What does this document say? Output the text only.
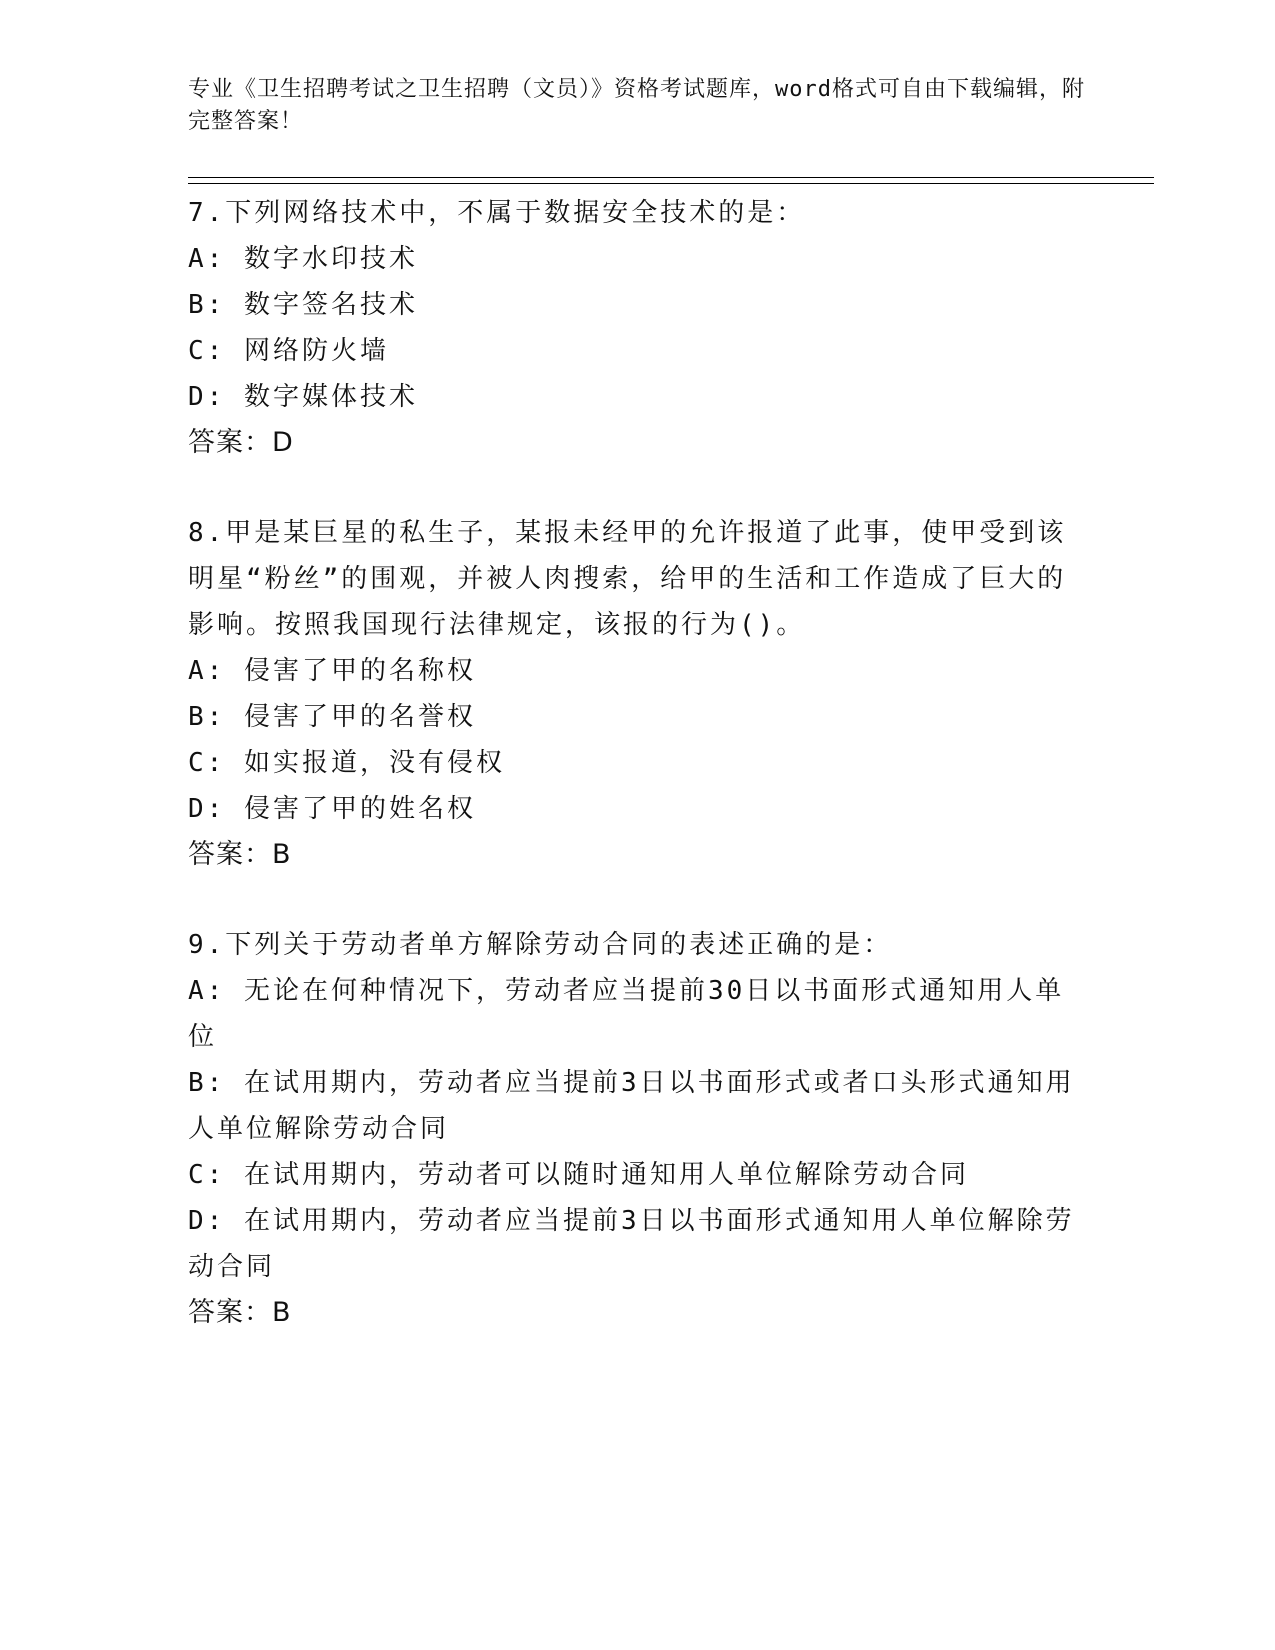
专业《卫生招聘考试之卫生招聘（文员）》资格考试题库，word格式可自由下载编辑，附完整答案！

7.下列网络技术中，不属于数据安全技术的是：

A: 数字水印技术

B: 数字签名技术

C: 网络防火墙

D: 数字媒体技术

答案：D

8.甲是某巨星的私生子，某报未经甲的允许报道了此事，使甲受到该明星“粉丝”的围观，并被人肉搜索，给甲的生活和工作造成了巨大的影响。按照我国现行法律规定，该报的行为()。

A: 侵害了甲的名称权

B: 侵害了甲的名誉权

C: 如实报道，没有侵权

D: 侵害了甲的姓名权

答案：B

9.下列关于劳动者单方解除劳动合同的表述正确的是：

A: 无论在何种情况下，劳动者应当提前30日以书面形式通知用人单位

B: 在试用期内，劳动者应当提前3日以书面形式或者口头形式通知用人单位解除劳动合同

C: 在试用期内，劳动者可以随时通知用人单位解除劳动合同

D: 在试用期内，劳动者应当提前3日以书面形式通知用人单位解除劳动合同

答案：B
